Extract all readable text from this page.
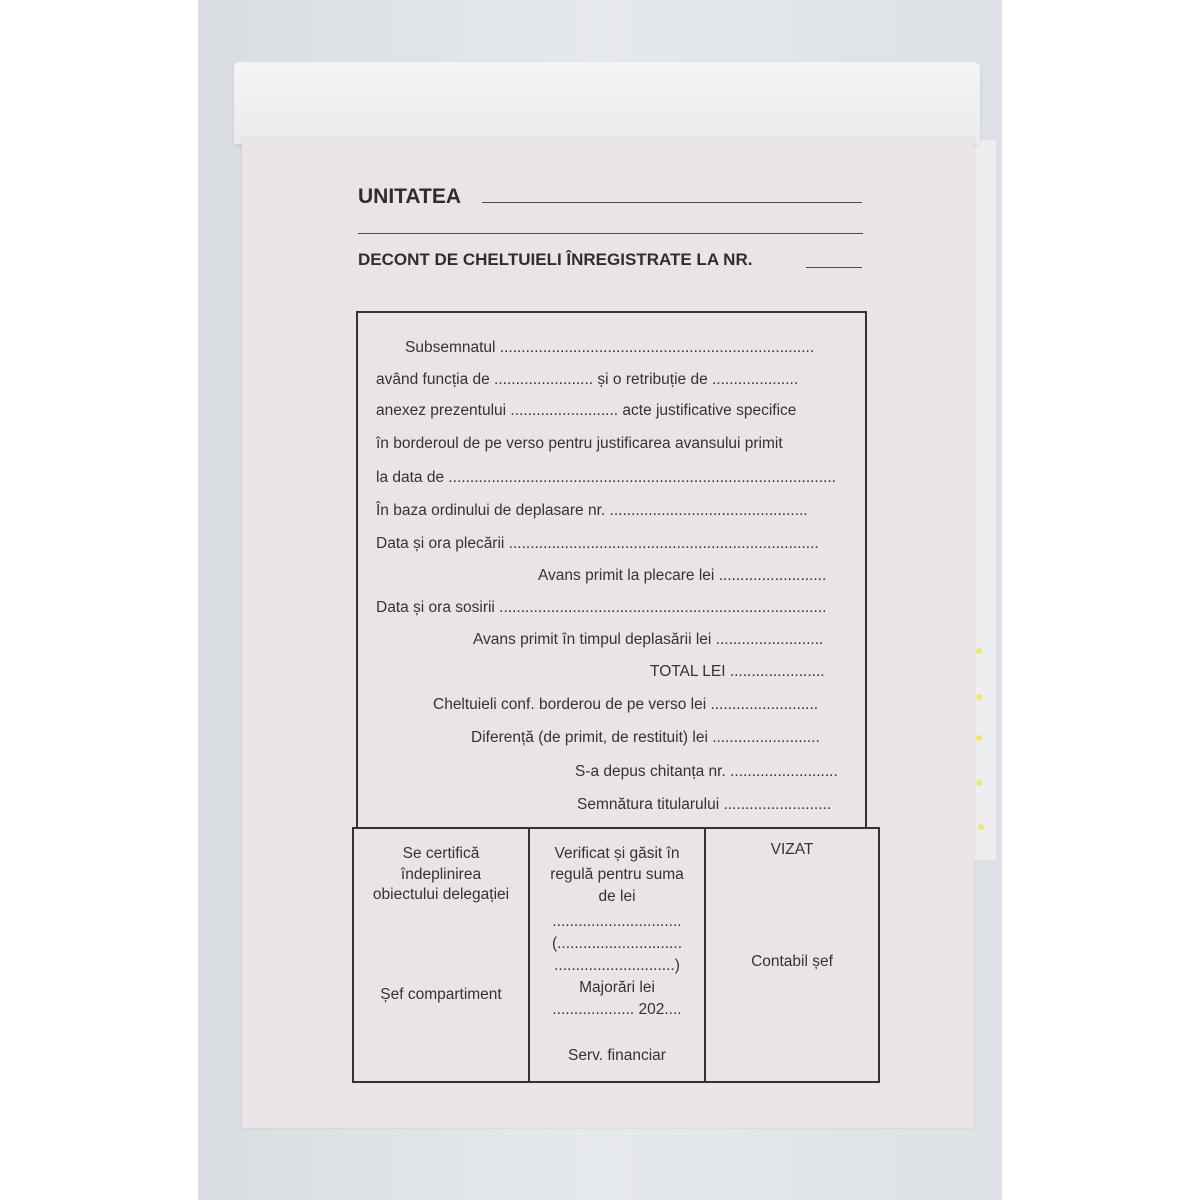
UNITATEA
DECONT DE CHELTUIELI ÎNREGISTRATE LA NR.
Subsemnatul .........................................................................
având funcția de ....................... și o retribuție de ....................
anexez prezentului ......................... acte justificative specifice
în borderoul de pe verso pentru justificarea avansului primit
la data de ..........................................................................................
În baza ordinului de deplasare nr. ..............................................
Data și ora plecării ........................................................................
Avans primit la plecare lei .........................
Data și ora sosirii ............................................................................
Avans primit în timpul deplasării lei .........................
TOTAL LEI ......................
Cheltuieli conf. borderou de pe verso lei .........................
Diferență (de primit, de restituit) lei .........................
S-a depus chitanța nr. .........................
Semnătura titularului .........................
Se certifică
îndeplinirea
obiectului delegației
Șef compartiment
Verificat și găsit în
regulă pentru suma
de lei
..............................
(.............................
............................)
Majorări lei
................... 202....
Serv. financiar
VIZAT
Contabil șef
